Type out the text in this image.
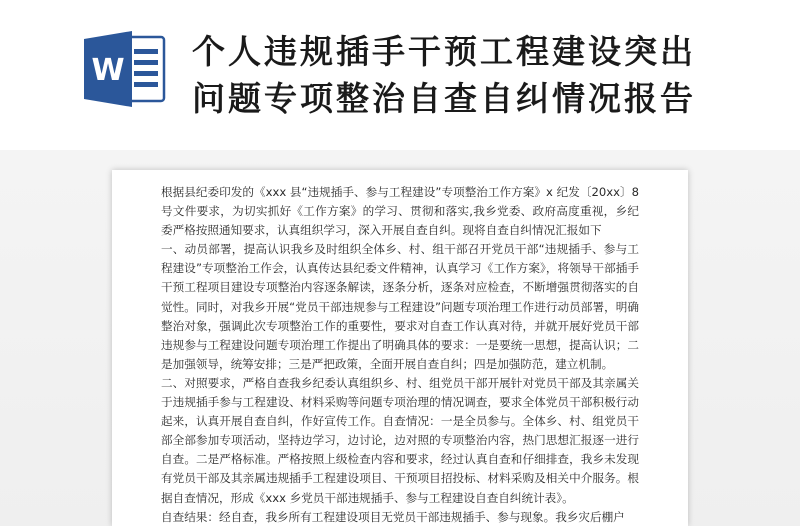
W 个人违规插手干预工程建设突出
问题专项整治自查自纠情况报告

根据县纪委印发的《xxx 县“违规插手、参与工程建设”专项整治工作方案》x 纪发〔20xx〕8号文件要求，为切实抓好《工作方案》的学习、贯彻和落实,我乡党委、政府高度重视，乡纪委严格按照通知要求，认真组织学习，深入开展自查自纠。现将自查自纠情况汇报如下

一、动员部署，提高认识我乡及时组织全体乡、村、组干部召开党员干部“违规插手、参与工程建设”专项整治工作会，认真传达县纪委文件精神，认真学习《工作方案》，将领导干部插手干预工程项目建设专项整治内容逐条解读，逐条分析，逐条对应检查，不断增强贯彻落实的自觉性。同时，对我乡开展“党员干部违规参与工程建设”问题专项治理工作进行动员部署，明确整治对象，强调此次专项整治工作的重要性，要求对自查工作认真对待，并就开展好党员干部违规参与工程建设问题专项治理工作提出了明确具体的要求：一是要统一思想，提高认识；二是加强领导，统筹安排；三是严把政策，全面开展自查自纠；四是加强防范，建立机制。

二、对照要求，严格自查我乡纪委认真组织乡、村、组党员干部开展针对党员干部及其亲属关于违规插手参与工程建设、材料采购等问题专项治理的情况调查，要求全体党员干部积极行动起来，认真开展自查自纠，作好宣传工作。自查情况：一是全员参与。全体乡、村、组党员干部全部参加专项活动，坚持边学习，边讨论，边对照的专项整治内容，热门思想汇报逐一进行自查。二是严格标准。严格按照上级检查内容和要求，经过认真自查和仔细排查，我乡未发现有党员干部及其亲属违规插手工程建设项目、干预项目招投标、材料采购及相关中介服务。根据自查情况，形成《xxx 乡党员干部违规插手、参与工程建设自查自纠统计表》。

自查结果：经自查，我乡所有工程建设项目无党员干部违规插手、参与现象。我乡灾后棚户
